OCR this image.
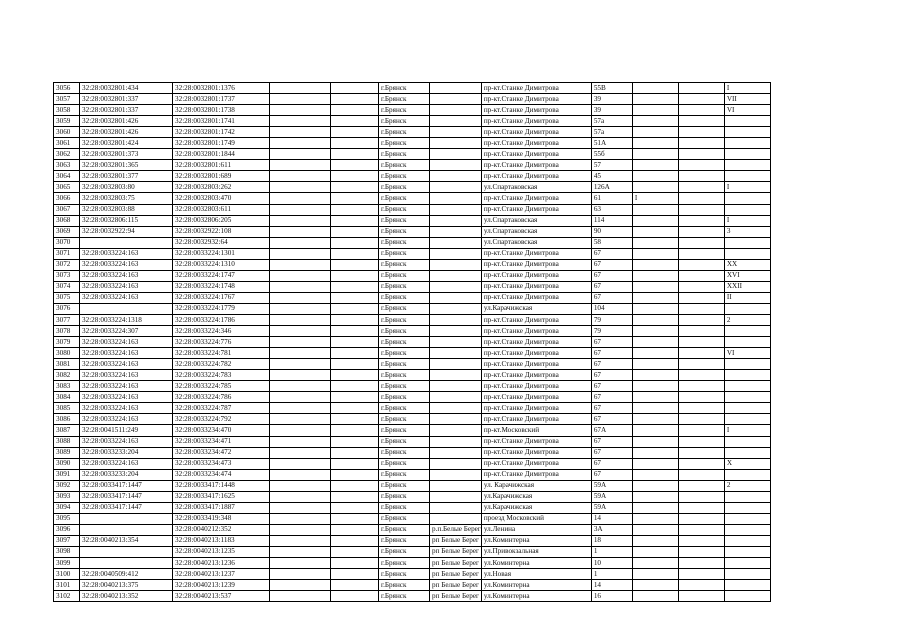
3056	32:28:0032801:434	32:28:0032801:1376			г.Брянск		пр-кт.Станке Димитрова	55В			I
3057	32:28:0032801:337	32:28:0032801:1737			г.Брянск		пр-кт.Станке Димитрова	39			VII
3058	32:28:0032801:337	32:28:0032801:1738			г.Брянск		пр-кт.Станке Димитрова	39			VI
3059	32:28:0032801:426	32:28:0032801:1741			г.Брянск		пр-кт.Станке Димитрова	57а			
3060	32:28:0032801:426	32:28:0032801:1742			г.Брянск		пр-кт.Станке Димитрова	57а			
3061	32:28:0032801:424	32:28:0032801:1749			г.Брянск		пр-кт.Станке Димитрова	51А			
3062	32:28:0032801:373	32:28:0032801:1844			г.Брянск		пр-кт.Станке Димитрова	55б			
3063	32:28:0032801:365	32:28:0032801:611			г.Брянск		пр-кт.Станке Димитрова	57			
3064	32:28:0032801:377	32:28:0032801:689			г.Брянск		пр-кт.Станке Димитрова	45			
3065	32:28:0032803:80	32:28:0032803:262			г.Брянск		ул.Спартаковская	126А			I
3066	32:28:0032803:75	32:28:0032803:470			г.Брянск		пр-кт.Станке Димитрова	61	I		
3067	32:28:0032803:88	32:28:0032803:611			г.Брянск		пр-кт.Станке Димитрова	63			
3068	32:28:0032806:115	32:28:0032806:205			г.Брянск		ул.Спартаковская	114			I
3069	32:28:0032922:94	32:28:0032922:108			г.Брянск		ул.Спартаковская	90			3
3070		32:28:0032932:64			г.Брянск		ул.Спартаковская	58			
3071	32:28:0033224:163	32:28:0033224:1301			г.Брянск		пр-кт.Станке Димитрова	67			
3072	32:28:0033224:163	32:28:0033224:1310			г.Брянск		пр-кт.Станке Димитрова	67			XX
3073	32:28:0033224:163	32:28:0033224:1747			г.Брянск		пр-кт.Станке Димитрова	67			XVI
3074	32:28:0033224:163	32:28:0033224:1748			г.Брянск		пр-кт.Станке Димитрова	67			XXII
3075	32:28:0033224:163	32:28:0033224:1767			г.Брянск		пр-кт.Станке Димитрова	67			II
3076		32:28:0033224:1779			г.Брянск		ул.Карачижская	104			
3077	32:28:0033224:1318	32:28:0033224:1786			г.Брянск		пр-кт.Станке Димитрова	79			2
3078	32:28:0033224:307	32:28:0033224:346			г.Брянск		пр-кт.Станке Димитрова	79			
3079	32:28:0033224:163	32:28:0033224:776			г.Брянск		пр-кт.Станке Димитрова	67			
3080	32:28:0033224:163	32:28:0033224:781			г.Брянск		пр-кт.Станке Димитрова	67			VI
3081	32:28:0033224:163	32:28:0033224:782			г.Брянск		пр-кт.Станке Димитрова	67			
3082	32:28:0033224:163	32:28:0033224:783			г.Брянск		пр-кт.Станке Димитрова	67			
3083	32:28:0033224:163	32:28:0033224:785			г.Брянск		пр-кт.Станке Димитрова	67			
3084	32:28:0033224:163	32:28:0033224:786			г.Брянск		пр-кт.Станке Димитрова	67			
3085	32:28:0033224:163	32:28:0033224:787			г.Брянск		пр-кт.Станке Димитрова	67			
3086	32:28:0033224:163	32:28:0033224:792			г.Брянск		пр-кт.Станке Димитрова	67			
3087	32:28:0041511:249	32:28:0033234:470			г.Брянск		пр-кт.Московский	67А			I
3088	32:28:0033224:163	32:28:0033234:471			г.Брянск		пр-кт.Станке Димитрова	67			
3089	32:28:0033233:204	32:28:0033234:472			г.Брянск		пр-кт.Станке Димитрова	67			
3090	32:28:0033224:163	32:28:0033234:473			г.Брянск		пр-кт.Станке Димитрова	67			X
3091	32:28:0033233:204	32:28:0033234:474			г.Брянск		пр-кт.Станке Димитрова	67			
3092	32:28:0033417:1447	32:28:0033417:1448			г.Брянск		ул. Карачижская	59А			2
3093	32:28:0033417:1447	32:28:0033417:1625			г.Брянск		ул.Карачижская	59А			
3094	32:28:0033417:1447	32:28:0033417:1887			г.Брянск		ул.Карачижская	59А			
3095		32:28:0033419:348			г.Брянск		проезд Московский	14			
3096		32:28:0040212:352			г.Брянск	р.п.Белые Берег	ул.Ленина	3А			
3097	32:28:0040213:354	32:28:0040213:1183			г.Брянск	рп Белые Берег	ул.Коминтерна	18			
3098		32:28:0040213:1235			г.Брянск	рп Белые Берег	ул.Привокзальная	1			
3099		32:28:0040213:1236			г.Брянск	рп Белые Берег	ул.Коминтерна	10			
3100	32:28:0040509:412	32:28:0040213:1237			г.Брянск	рп Белые Берег	ул.Новая	1			
3101	32:28:0040213:375	32:28:0040213:1239			г.Брянск	рп Белые Берег	ул.Коминтерна	14			
3102	32:28:0040213:352	32:28:0040213:537			г.Брянск	рп Белые Берег	ул.Коминтерна	16			
